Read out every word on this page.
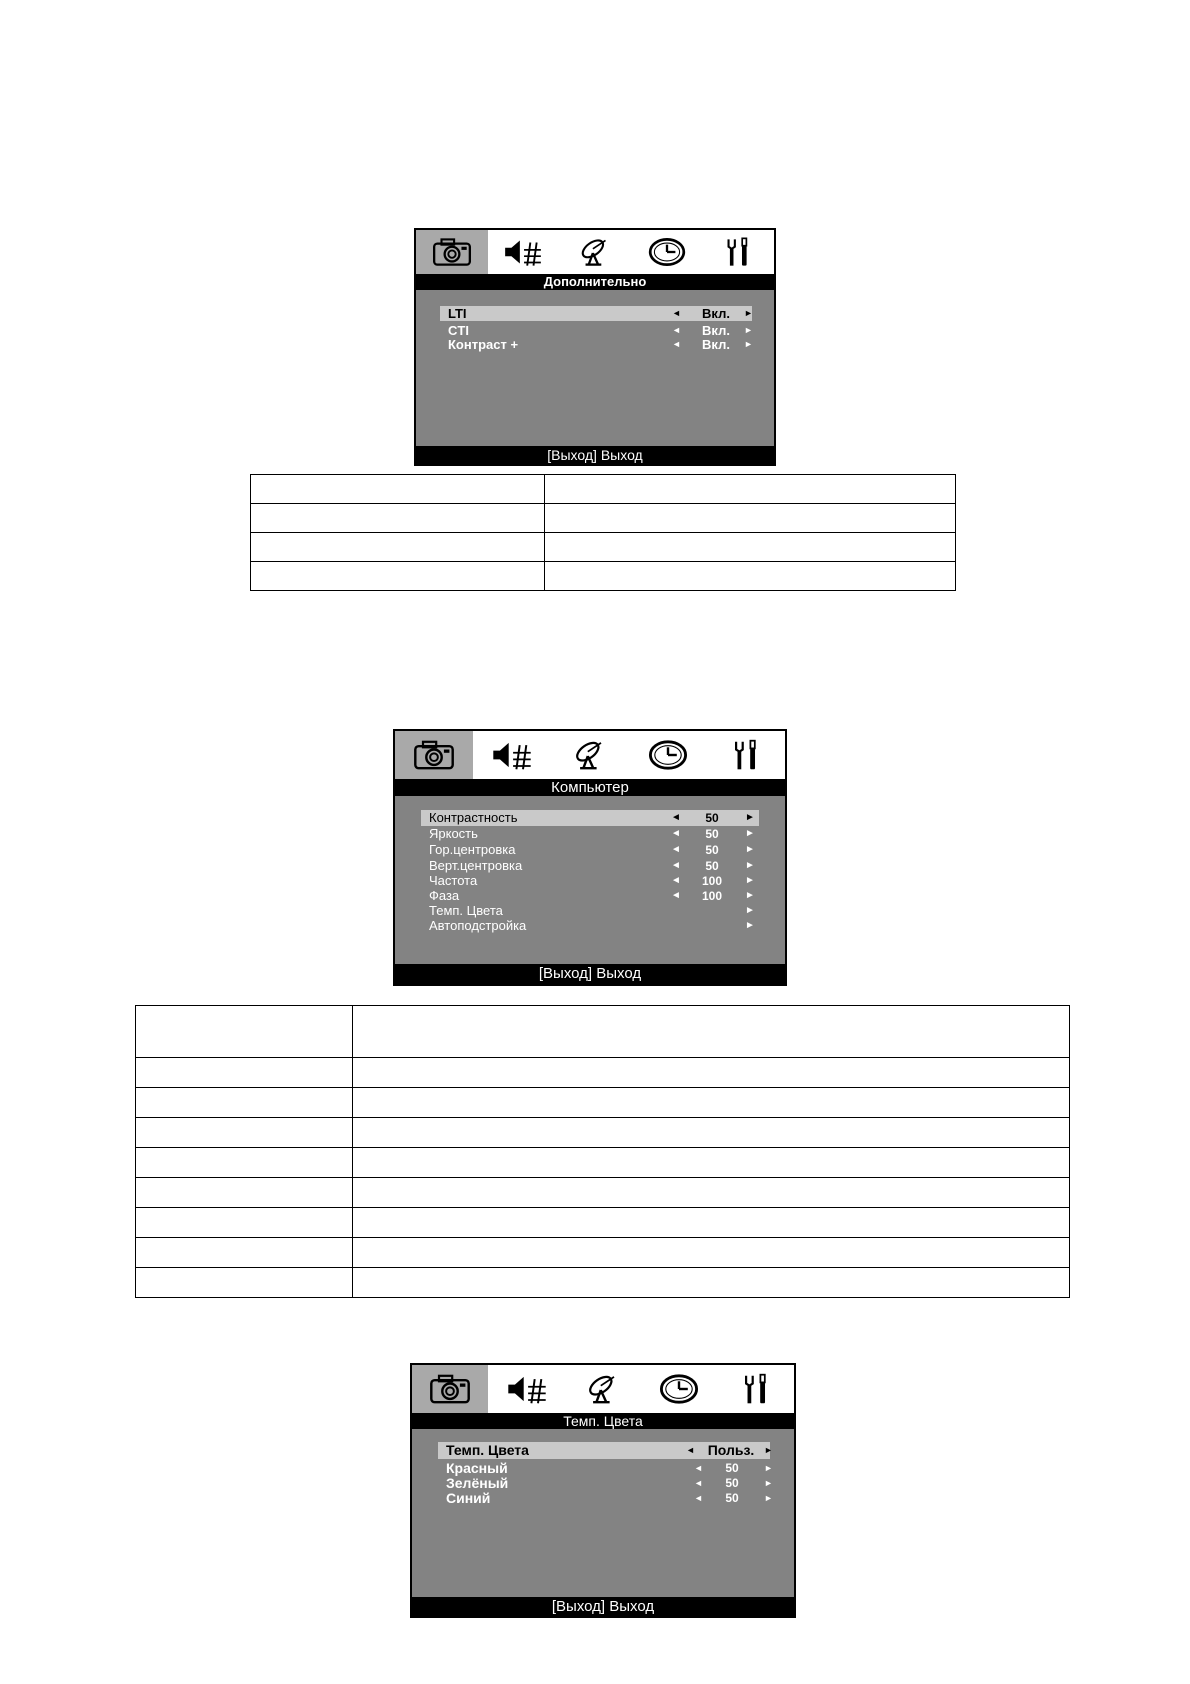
Дополнительно
LTI	◄	Вкл.	►
CTI	◄	Вкл.	►
Контраст +	◄	Вкл.	►
[Выход] Выход

Компьютер
Контрастность	◄	50	►
Яркость	◄	50	►
Гор.центровка	◄	50	►
Верт.центровка	◄	50	►
Частота	◄	100	►
Фаза	◄	100	►
Темп. Цвета	►
Автоподстройка	►
[Выход] Выход

Темп. Цвета
Темп. Цвета	◄ Польз.	►
Красный	◄	50	►
Зелёный	◄	50	►
Синий	◄	50	►
[Выход] Выход
